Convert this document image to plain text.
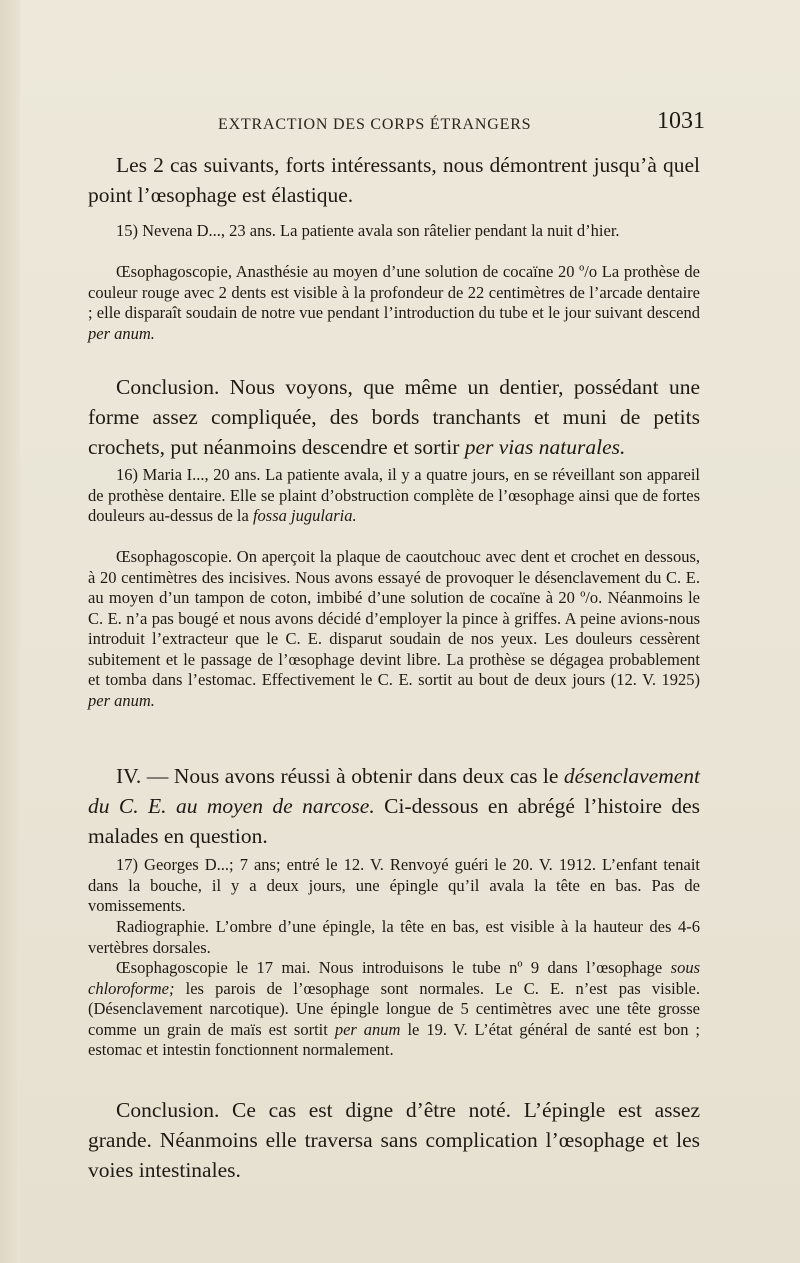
EXTRACTION DES CORPS ÉTRANGERS	1031

Les 2 cas suivants, forts intéressants, nous démontrent jusqu’à quel point l’œsophage est élastique.

15) Nevena D..., 23 ans. La patiente avala son râtelier pendant la nuit d’hier.

Œsophagoscopie, Anasthésie au moyen d’une solution de cocaïne 20 º/o La prothèse de couleur rouge avec 2 dents est visible à la profondeur de 22 centimètres de l’arcade dentaire ; elle disparaît soudain de notre vue pendant l’introduction du tube et le jour suivant descend per anum.

Conclusion. Nous voyons, que même un dentier, possédant une forme assez compliquée, des bords tranchants et muni de petits crochets, put néanmoins descendre et sortir per vias naturales.

16) Maria I..., 20 ans. La patiente avala, il y a quatre jours, en se réveillant son appareil de prothèse dentaire. Elle se plaint d’obstruction complète de l’œsophage ainsi que de fortes douleurs au-dessus de la fossa jugularia.

Œsophagoscopie. On aperçoit la plaque de caoutchouc avec dent et crochet en dessous, à 20 centimètres des incisives. Nous avons essayé de provoquer le désenclavement du C. E. au moyen d’un tampon de coton, imbibé d’une solution de cocaïne à 20 º/o. Néanmoins le C. E. n’a pas bougé et nous avons décidé d’employer la pince à griffes. A peine avions-nous introduit l’extracteur que le C. E. disparut soudain de nos yeux. Les douleurs cessèrent subitement et le passage de l’œsophage devint libre. La prothèse se dégagea probablement et tomba dans l’estomac. Effectivement le C. E. sortit au bout de deux jours (12. V. 1925) per anum.

IV. — Nous avons réussi à obtenir dans deux cas le désenclavement du C. E. au moyen de narcose. Ci-dessous en abrégé l’histoire des malades en question.

17) Georges D...; 7 ans; entré le 12. V. Renvoyé guéri le 20. V. 1912. L’enfant tenait dans la bouche, il y a deux jours, une épingle qu’il avala la tête en bas. Pas de vomissements.

Radiographie. L’ombre d’une épingle, la tête en bas, est visible à la hauteur des 4-6 vertèbres dorsales.

Œsophagoscopie le 17 mai. Nous introduisons le tube nº 9 dans l’œsophage sous chloroforme; les parois de l’œsophage sont normales. Le C. E. n’est pas visible. (Désenclavement narcotique). Une épingle longue de 5 centimètres avec une tête grosse comme un grain de maïs est sortit per anum le 19. V. L’état général de santé est bon ; estomac et intestin fonctionnent normalement.

Conclusion. Ce cas est digne d’être noté. L’épingle est assez grande. Néanmoins elle traversa sans complication l’œsophage et les voies intestinales.
